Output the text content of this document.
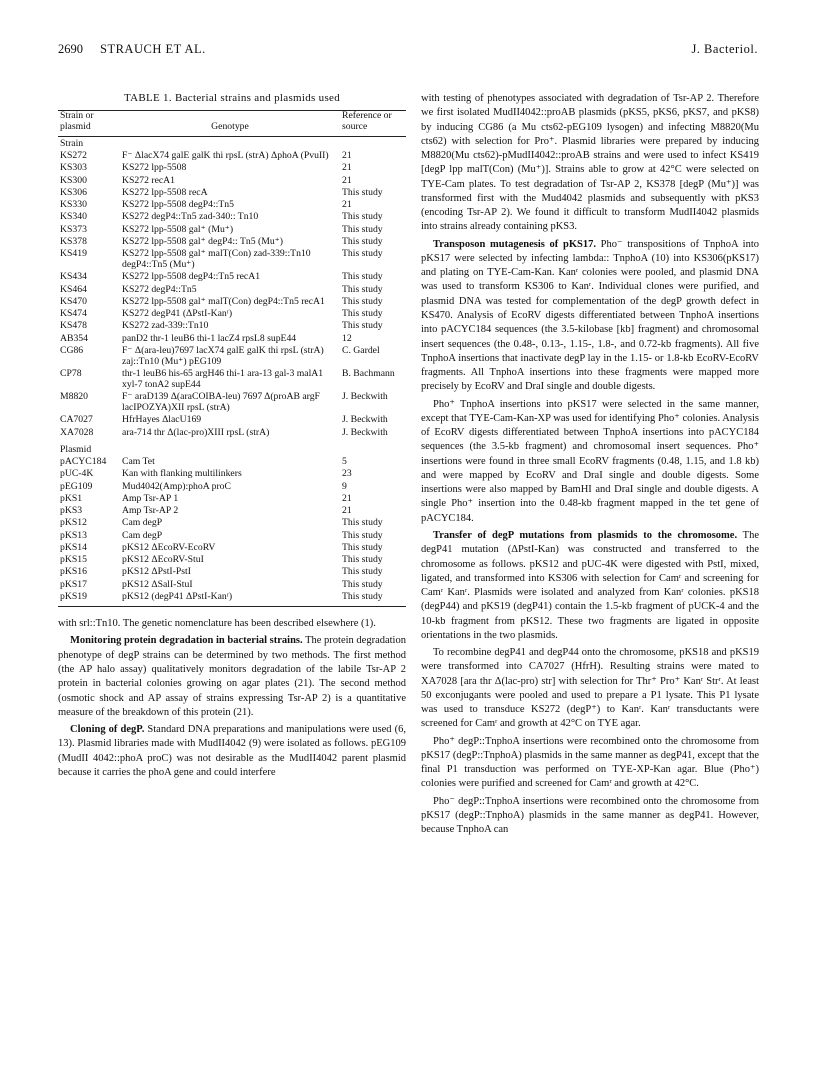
2690 STRAUCH ET AL.	J. Bacteriol.
TABLE 1. Bacterial strains and plasmids used
Strain or plasmid	Genotype	Reference or source
Strain		
KS272	F⁻ ΔlacX74 galE galK thi rpsL (strA) ΔphoA (PvuII)	21
KS303	KS272 lpp-5508	21
KS300	KS272 recA1	21
KS306	KS272 lpp-5508 recA	This study
KS330	KS272 lpp-5508 degP4::Tn5	21
KS340	KS272 degP4::Tn5 zad-340:: Tn10	This study
KS373	KS272 lpp-5508 gal⁺ (Mu⁺)	This study
KS378	KS272 lpp-5508 gal⁺ degP4:: Tn5 (Mu⁺)	This study
KS419	KS272 lpp-5508 gal⁺ malT(Con) zad-339::Tn10 degP4::Tn5 (Mu⁺)	This study
KS434	KS272 lpp-5508 degP4::Tn5 recA1	This study
KS464	KS272 degP4::Tn5	This study
KS470	KS272 lpp-5508 gal⁺ malT(Con) degP4::Tn5 recA1	This study
KS474	KS272 degP41 (ΔPstI-Kanʳ)	This study
KS478	KS272 zad-339::Tn10	This study
AB354	panD2 thr-1 leuB6 thi-1 lacZ4 rpsL8 supE44	12
CG86	F⁻ Δ(ara-leu)7697 lacX74 galE galK thi rpsL (strA) zaj::Tn10 (Mu⁺) pEG109	C. Gardel
CP78	thr-1 leuB6 his-65 argH46 thi-1 ara-13 gal-3 malA1 xyl-7 tonA2 supE44	B. Bachmann
M8820	F⁻ araD139 Δ(araCOIBA-leu) 7697 Δ(proAB argF lacIPOZYA)XII rpsL (strA)	J. Beckwith
CA7027	HfrHayes ΔlacU169	J. Beckwith
XA7028	ara-714 thr Δ(lac-pro)XIII rpsL (strA)	J. Beckwith
Plasmid		
pACYC184	Cam Tet	5
pUC-4K	Kan with flanking multilinkers	23
pEG109	Mud4042(Amp):phoA proC	9
pKS1	Amp Tsr-AP 1	21
pKS3	Amp Tsr-AP 2	21
pKS12	Cam degP	This study
pKS13	Cam degP	This study
pKS14	pKS12 ΔEcoRV-EcoRV	This study
pKS15	pKS12 ΔEcoRV-StuI	This study
pKS16	pKS12 ΔPstI-PstI	This study
pKS17	pKS12 ΔSalI-StuI	This study
pKS19	pKS12 (degP41 ΔPstI-Kanʳ)	This study

with srl::Tn10. The genetic nomenclature has been described elsewhere (1).

Monitoring protein degradation in bacterial strains. The protein degradation phenotype of degP strains can be determined by two methods. The first method (the AP halo assay) qualitatively monitors degradation of the labile Tsr-AP 2 protein in bacterial colonies growing on agar plates (21). The second method (osmotic shock and AP assay of strains expressing Tsr-AP 2) is a quantitative measure of the breakdown of this protein (21).

Cloning of degP. Standard DNA preparations and manipulations were used (6, 13). Plasmid libraries made with MudII4042 (9) were isolated as follows. pEG109 (MudII 4042::phoA proC) was not desirable as the MudII4042 parent plasmid because it carries the phoA gene and could interfere

with testing of phenotypes associated with degradation of Tsr-AP 2. Therefore we first isolated MudII4042::proAB plasmids (pKS5, pKS6, pKS7, and pKS8) by inducing CG86 (a Mu cts62-pEG109 lysogen) and infecting M8820(Mu cts62) with selection for Pro⁺. Plasmid libraries were prepared by inducing M8820(Mu cts62)-pMudII4042::proAB strains and were used to infect KS419 [degP lpp malT(Con) (Mu⁺)]. Strains able to grow at 42°C were selected on TYE-Cam plates. To test degradation of Tsr-AP 2, KS378 [degP (Mu⁺)] was transformed first with the Mud4042 plasmids and subsequently with pKS3 (encoding Tsr-AP 2). We found it difficult to transform MudII4042 plasmids into strains already containing pKS3.

Transposon mutagenesis of pKS17. Pho⁻ transpositions of TnphoA into pKS17 were selected by infecting lambda:: TnphoA (10) into KS306(pKS17) and plating on TYE-Cam-Kan. Kanʳ colonies were pooled, and plasmid DNA was used to transform KS306 to Kanʳ. Individual clones were purified, and plasmid DNA was tested for complementation of the degP growth defect in KS470. Analysis of EcoRV digests differentiated between TnphoA insertions into pACYC184 sequences (the 3.5-kilobase [kb] fragment) and chromosomal insert sequences (the 0.48-, 0.13-, 1.15-, 1.8-, and 0.72-kb fragments). All five TnphoA insertions that inactivate degP lay in the 1.15- or 1.8-kb EcoRV-EcoRV fragments. All TnphoA insertions into these fragments were mapped more precisely by EcoRV and DraI single and double digests.

Pho⁺ TnphoA insertions into pKS17 were selected in the same manner, except that TYE-Cam-Kan-XP was used for identifying Pho⁺ colonies. Analysis of EcoRV digests differentiated between TnphoA insertions into pACYC184 sequences (the 3.5-kb fragment) and chromosomal insert sequences. Pho⁺ insertions were found in three small EcoRV fragments (0.48, 1.15, and 1.8 kb) and were mapped by EcoRV and DraI single and double digests. Some insertions were also mapped by BamHI and DraI single and double digests. A single Pho⁺ insertion into the 0.48-kb fragment mapped in the tet gene of pACYC184.

Transfer of degP mutations from plasmids to the chromosome. The degP41 mutation (ΔPstI-Kan) was constructed and transferred to the chromosome as follows. pKS12 and pUC-4K were digested with PstI, mixed, ligated, and transformed into KS306 with selection for Camʳ and screening for Camʳ Kanʳ. Plasmids were isolated and analyzed from Kanʳ colonies. pKS18 (degP44) and pKS19 (degP41) contain the 1.5-kb fragment of pUCK-4 and the 10-kb fragment from pKS12. These two fragments are ligated in opposite orientations in the two plasmids.

To recombine degP41 and degP44 onto the chromosome, pKS18 and pKS19 were transformed into CA7027 (HfrH). Resulting strains were mated to XA7028 [ara thr Δ(lac-pro) str] with selection for Thr⁺ Pro⁺ Kanʳ Strʳ. At least 50 exconjugants were pooled and used to prepare a P1 lysate. This P1 lysate was used to transduce KS272 (degP⁺) to Kanʳ. Kanʳ transductants were screened for Camʳ and growth at 42°C on TYE agar.

Pho⁺ degP::TnphoA insertions were recombined onto the chromosome from pKS17 (degP::TnphoA) plasmids in the same manner as degP41, except that the final P1 transduction was performed on TYE-XP-Kan agar. Blue (Pho⁺) colonies were purified and screened for Camʳ and growth at 42°C.

Pho⁻ degP::TnphoA insertions were recombined onto the chromosome from pKS17 (degP::TnphoA) plasmids in the same manner as degP41. However, because TnphoA can
